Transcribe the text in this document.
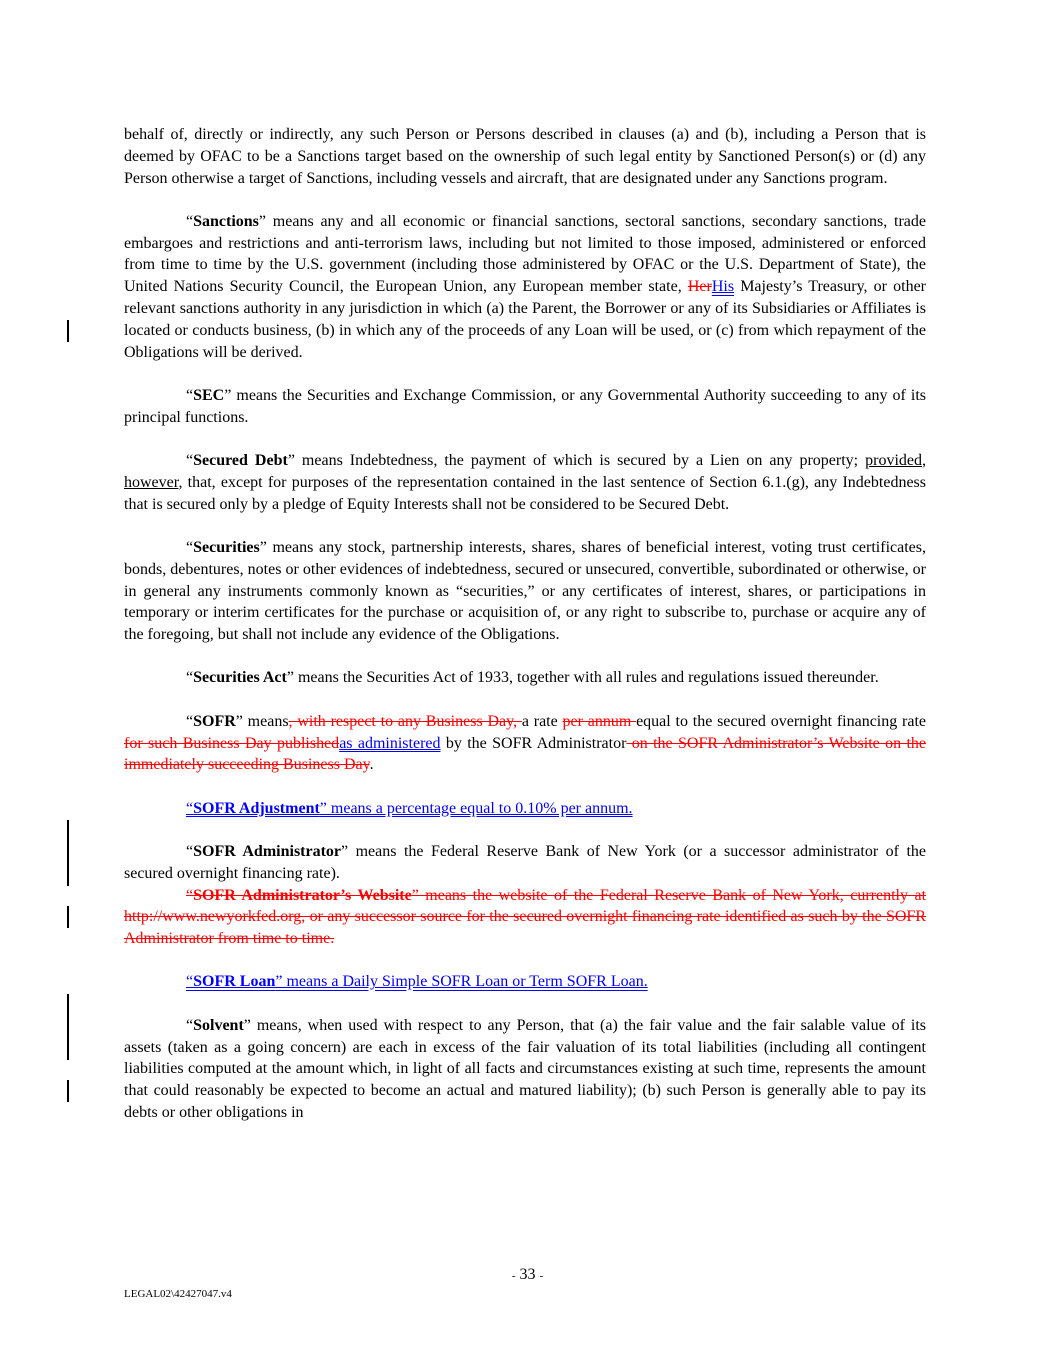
behalf of, directly or indirectly, any such Person or Persons described in clauses (a) and (b), including a Person that is deemed by OFAC to be a Sanctions target based on the ownership of such legal entity by Sanctioned Person(s) or (d) any Person otherwise a target of Sanctions, including vessels and aircraft, that are designated under any Sanctions program.

“Sanctions” means any and all economic or financial sanctions, sectoral sanctions, secondary sanctions, trade embargoes and restrictions and anti-terrorism laws, including but not limited to those imposed, administered or enforced from time to time by the U.S. government (including those administered by OFAC or the U.S. Department of State), the United Nations Security Council, the European Union, any European member state, HerHis Majesty’s Treasury, or other relevant sanctions authority in any jurisdiction in which (a) the Parent, the Borrower or any of its Subsidiaries or Affiliates is located or conducts business, (b) in which any of the proceeds of any Loan will be used, or (c) from which repayment of the Obligations will be derived.

“SEC” means the Securities and Exchange Commission, or any Governmental Authority succeeding to any of its principal functions.

“Secured Debt” means Indebtedness, the payment of which is secured by a Lien on any property; provided, however, that, except for purposes of the representation contained in the last sentence of Section 6.1.(g), any Indebtedness that is secured only by a pledge of Equity Interests shall not be considered to be Secured Debt.

“Securities” means any stock, partnership interests, shares, shares of beneficial interest, voting trust certificates, bonds, debentures, notes or other evidences of indebtedness, secured or unsecured, convertible, subordinated or otherwise, or in general any instruments commonly known as “securities,” or any certificates of interest, shares, or participations in temporary or interim certificates for the purchase or acquisition of, or any right to subscribe to, purchase or acquire any of the foregoing, but shall not include any evidence of the Obligations.

“Securities Act” means the Securities Act of 1933, together with all rules and regulations issued thereunder.

“SOFR” means, with respect to any Business Day, a rate per annum equal to the secured overnight financing rate for such Business Day publishedas administered by the SOFR Administrator on the SOFR Administrator’s Website on the immediately succeeding Business Day.

“SOFR Adjustment” means a percentage equal to 0.10% per annum.

“SOFR Administrator” means the Federal Reserve Bank of New York (or a successor administrator of the secured overnight financing rate).

“SOFR Administrator’s Website” means the website of the Federal Reserve Bank of New York, currently at http://www.newyorkfed.org, or any successor source for the secured overnight financing rate identified as such by the SOFR Administrator from time to time.

“SOFR Loan” means a Daily Simple SOFR Loan or Term SOFR Loan.

“Solvent” means, when used with respect to any Person, that (a) the fair value and the fair salable value of its assets (taken as a going concern) are each in excess of the fair valuation of its total liabilities (including all contingent liabilities computed at the amount which, in light of all facts and circumstances existing at such time, represents the amount that could reasonably be expected to become an actual and matured liability); (b) such Person is generally able to pay its debts or other obligations in

- 33 -
LEGAL02\42427047.v4
